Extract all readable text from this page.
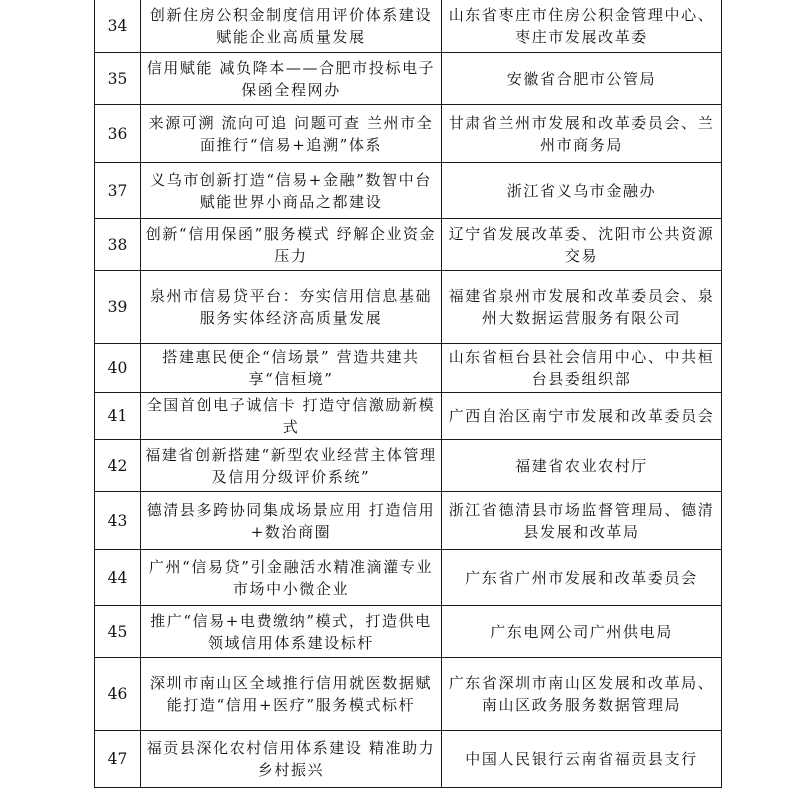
34	创新住房公积金制度信用评价体系建设 赋能企业高质量发展	山东省枣庄市住房公积金管理中心、枣庄市发展改革委
35	信用赋能 减负降本——合肥市投标电子保函全程网办	安徽省合肥市公管局
36	来源可溯 流向可追 问题可查 兰州市全面推行“信易+追溯”体系	甘肃省兰州市发展和改革委员会、兰州市商务局
37	义乌市创新打造“信易+金融”数智中台 赋能世界小商品之都建设	浙江省义乌市金融办
38	创新“信用保函”服务模式 纾解企业资金压力	辽宁省发展改革委、沈阳市公共资源交易
39	泉州市信易贷平台：夯实信用信息基础 服务实体经济高质量发展	福建省泉州市发展和改革委员会、泉州大数据运营服务有限公司
40	搭建惠民便企“信场景” 营造共建共享“信桓境”	山东省桓台县社会信用中心、中共桓台县委组织部
41	全国首创电子诚信卡 打造守信激励新模式	广西自治区南宁市发展和改革委员会
42	福建省创新搭建“新型农业经营主体管理及信用分级评价系统”	福建省农业农村厅
43	德清县多跨协同集成场景应用 打造信用+数治商圈	浙江省德清县市场监督管理局、德清县发展和改革局
44	广州“信易贷”引金融活水精准滴灌专业市场中小微企业	广东省广州市发展和改革委员会
45	推广“信易+电费缴纳”模式，打造供电领域信用体系建设标杆	广东电网公司广州供电局
46	深圳市南山区全域推行信用就医数据赋能打造“信用+医疗”服务模式标杆	广东省深圳市南山区发展和改革局、南山区政务服务数据管理局
47	福贡县深化农村信用体系建设 精准助力乡村振兴	中国人民银行云南省福贡县支行
